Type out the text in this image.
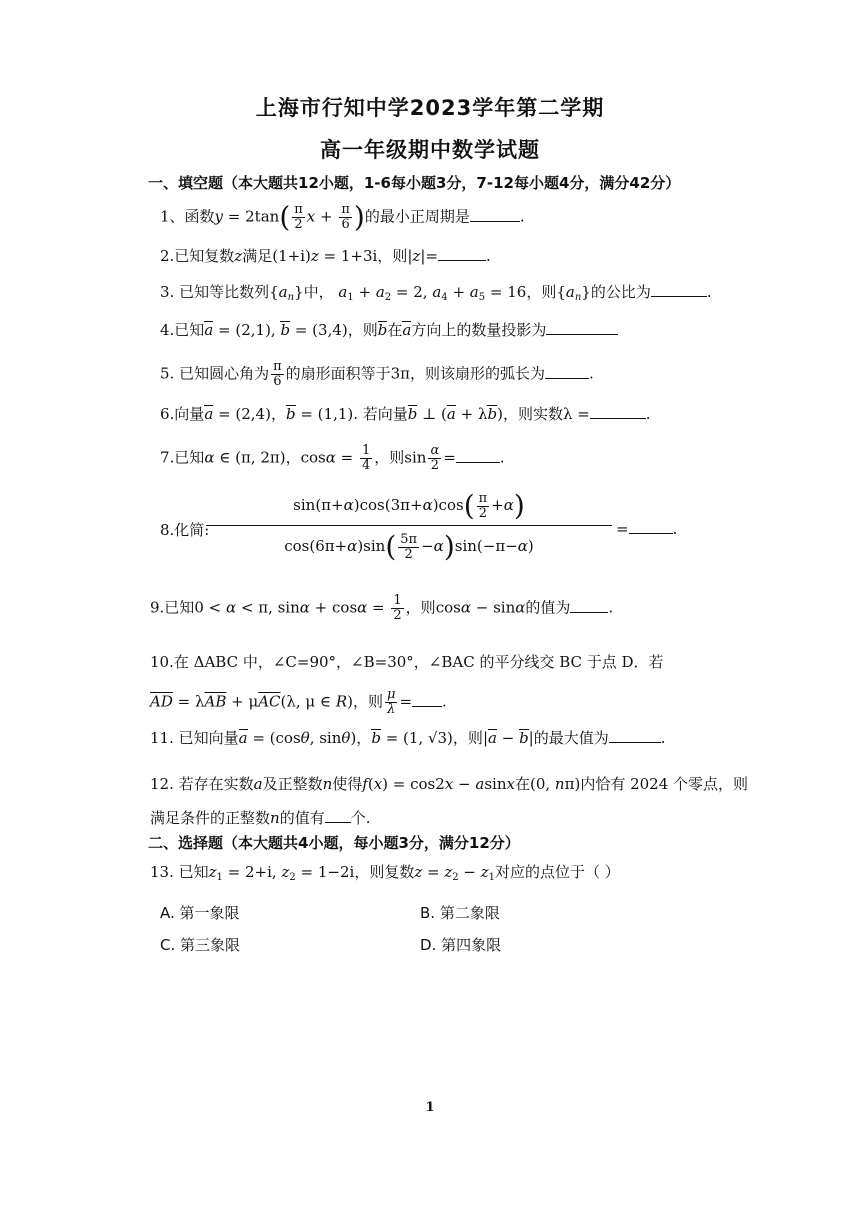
上海市行知中学2023学年第二学期
高一年级期中数学试题
一、填空题（本大题共12小题，1-6每小题3分，7-12每小题4分，满分42分）
1、函数$y = 2\tan( \frac{\pi}{2}$ $x + \frac{\pi}{6}$ )的最小正周期是	.
2.已知复数z满足(1+i)z = 1+3i，则|z|=	.
3. 已知等比数列$\{a_n\}$中， $a_1 + a_2 = 2$, $a_4 + a_5 = 16$，则$\{a_n\}$的公比为	.
4.已知a = (2,1), b = (3,4)，则b在a方向上的数量投影为
5. 已知圆心角为 $\frac{\pi}{6}$ 的扇形面积等于3π，则该扇形的弧长为	.
6.向量a = (2,4)，b = (1,1). 若向量b ⊥ (a + λb)，则实数λ =	.
7.已知α ∈ (π, 2π)，$\cos\alpha = \frac{1}{4}$ ，则$\sin \frac{\alpha}{2}$ =	.
8.化简:
$\sin(\pi+\alpha)\cos(3\pi+\alpha)\cos( \frac{\pi}{2} +\alpha)$
$\cos(6\pi+\alpha)\sin( \frac{5\pi}{2} -\alpha)\sin(-\pi-\alpha)$
=	.
9.已知0 < α < π, $\sin\alpha + \cos\alpha = \frac{1}{2}$ ，则cosα − sinα的值为	.
10.在 ΔABC 中，∠C=90°，∠B=30°，∠BAC 的平分线交 BC 于点 D．若
$\overline{AD} = \lambda\overline{AB} + \mu\overline{AC}(\lambda$, μ ∈ R)，则 $\frac{\mu}{\lambda}$ = .
11. 已知向量a = (cosθ, sinθ)，b = (1, √3)，则|a − b|的最大值为	.
12. 若存在实数a及正整数n使得f(x) = cos2x − asinx在(0, nπ)内恰有 2024 个零点，则
满足条件的正整数n的值有 个.
二、选择题（本大题共4小题，每小题3分，满分12分）
13. 已知$z_1 = 2+i$, $z_2 = 1-2i$，则复数$z = z_2 - z_1$对应的点位于（ ）
A. 第一象限	B. 第二象限
C. 第三象限	D. 第四象限
1
